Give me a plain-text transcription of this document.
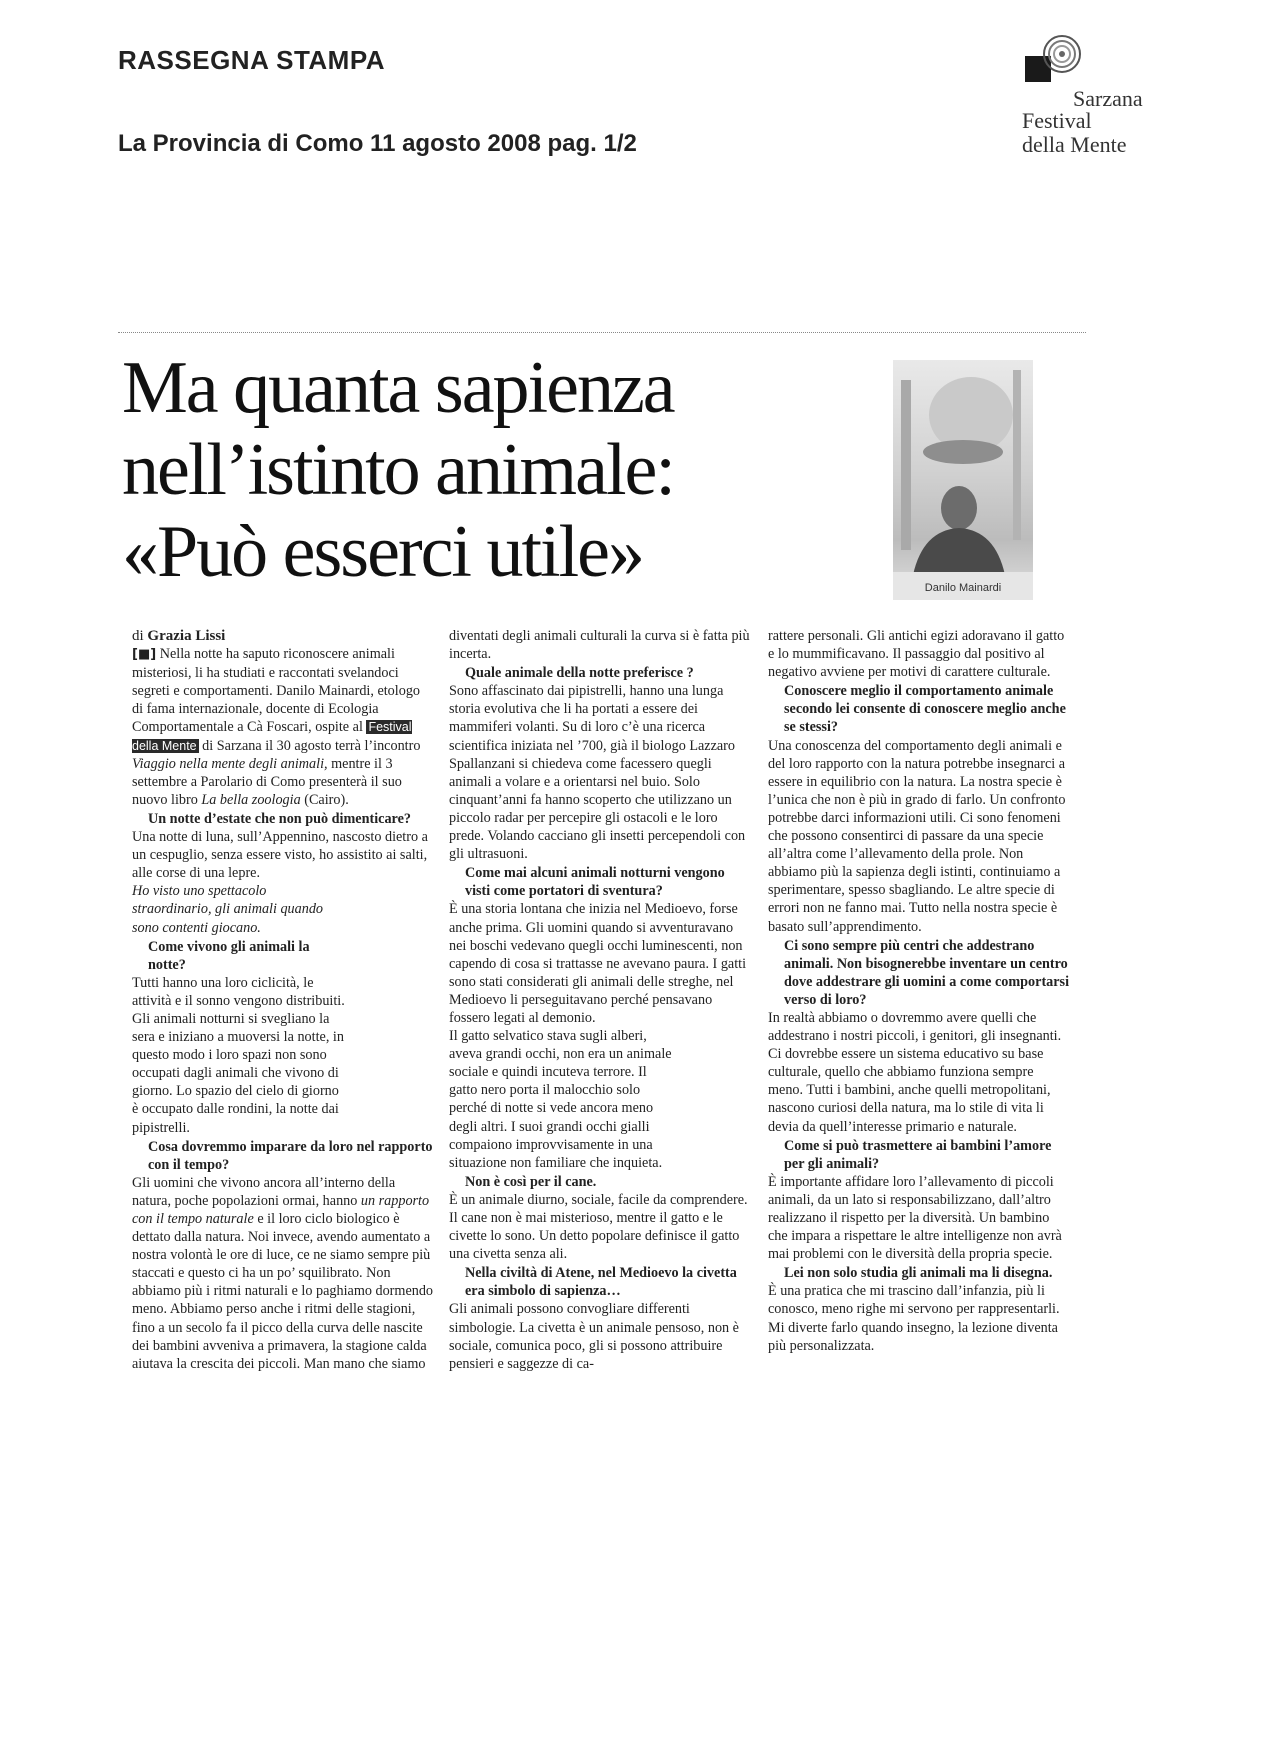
RASSEGNA STAMPA
La Provincia di Como 11 agosto 2008 pag. 1/2
Sarzana
Festival
della Mente
Ma quanta sapienza
nell’istinto animale:
«Può esserci utile»	Danilo Mainardi

di Grazia Lissi

[■] Nella notte ha saputo riconoscere animali misteriosi, li ha studiati e raccontati svelandoci segreti e comportamenti. Danilo Mainardi, etologo di fama internazionale, docente di Ecologia Comportamentale a Cà Foscari, ospite al Festival della Mente di Sarzana il 30 agosto terrà l’incontro Viaggio nella mente degli animali, mentre il 3 settembre a Parolario di Como presenterà il suo nuovo libro La bella zoologia (Cairo).

Un notte d’estate che non può dimenticare?

Una notte di luna, sull’Appennino, nascosto dietro a un cespuglio, senza essere visto, ho assistito ai salti, alle corse di una lepre.

Ho visto uno spettacolo straordinario, gli animali quando sono contenti giocano.

Come vivono gli animali la notte?

Tutti hanno una loro ciclicità, le attività e il sonno vengono distribuiti. Gli animali notturni si svegliano la sera e iniziano a muoversi la notte, in questo modo i loro spazi non sono occupati dagli animali che vivono di giorno. Lo spazio del cielo di giorno è occupato dalle rondini, la notte dai pipistrelli.

Cosa dovremmo imparare da loro nel rapporto con il tempo?

Gli uomini che vivono ancora all’interno della natura, poche popolazioni ormai, hanno un rapporto con il tempo naturale e il loro ciclo biologico è dettato dalla natura. Noi invece, avendo aumentato a nostra volontà le ore di luce, ce ne siamo sempre più staccati e questo ci ha un po’ squilibrato. Non abbiamo più i ritmi naturali e lo paghiamo dormendo meno. Abbiamo perso anche i ritmi delle stagioni, fino a un secolo fa il picco della curva delle nascite dei bambini avveniva a primavera, la stagione calda aiutava la crescita dei piccoli. Man mano che siamo

diventati degli animali culturali la curva si è fatta più incerta.

Quale animale della notte preferisce ?

Sono affascinato dai pipistrelli, hanno una lunga storia evolutiva che li ha portati a essere dei mammiferi volanti. Su di loro c’è una ricerca scientifica iniziata nel ’700, già il biologo Lazzaro Spallanzani si chiedeva come facessero quegli animali a volare e a orientarsi nel buio. Solo cinquant’anni fa hanno scoperto che utilizzano un piccolo radar per percepire gli ostacoli e le loro prede. Volando cacciano gli insetti percependoli con gli ultrasuoni.

Come mai alcuni animali notturni vengono visti come portatori di sventura?

È una storia lontana che inizia nel Medioevo, forse anche prima. Gli uomini quando si avventuravano nei boschi vedevano quegli occhi luminescenti, non capendo di cosa si trattasse ne avevano paura. I gatti sono stati considerati gli animali delle streghe, nel Medioevo li perseguitavano perché pensavano fossero legati al demonio.

Il gatto selvatico stava sugli alberi, aveva grandi occhi, non era un animale sociale e quindi incuteva terrore. Il gatto nero porta il malocchio solo perché di notte si vede ancora meno degli altri. I suoi grandi occhi gialli compaiono improvvisamente in una situazione non familiare che inquieta.

Non è così per il cane.

È un animale diurno, sociale, facile da comprendere. Il cane non è mai misterioso, mentre il gatto e le civette lo sono. Un detto popolare definisce il gatto una civetta senza ali.

Nella civiltà di Atene, nel Medioevo la civetta era simbolo di sapienza…

Gli animali possono convogliare differenti simbologie. La civetta è un animale pensoso, non è sociale, comunica poco, gli si possono attribuire pensieri e saggezze di ca-

rattere personali. Gli antichi egizi adoravano il gatto e lo mummificavano. Il passaggio dal positivo al negativo avviene per motivi di carattere culturale.

Conoscere meglio il comportamento animale secondo lei consente di conoscere meglio anche se stessi?

Una conoscenza del comportamento degli animali e del loro rapporto con la natura potrebbe insegnarci a essere in equilibrio con la natura. La nostra specie è l’unica che non è più in grado di farlo. Un confronto potrebbe darci informazioni utili. Ci sono fenomeni che possono consentirci di passare da una specie all’altra come l’allevamento della prole. Non abbiamo più la sapienza degli istinti, continuiamo a sperimentare, spesso sbagliando. Le altre specie di errori non ne fanno mai. Tutto nella nostra specie è basato sull’apprendimento.

Ci sono sempre più centri che addestrano animali. Non bisognerebbe inventare un centro dove addestrare gli uomini a come comportarsi verso di loro?

In realtà abbiamo o dovremmo avere quelli che addestrano i nostri piccoli, i genitori, gli insegnanti. Ci dovrebbe essere un sistema educativo su base culturale, quello che abbiamo funziona sempre meno. Tutti i bambini, anche quelli metropolitani, nascono curiosi della natura, ma lo stile di vita li devia da quell’interesse primario e naturale.

Come si può trasmettere ai bambini l’amore per gli animali?

È importante affidare loro l’allevamento di piccoli animali, da un lato si responsabilizzano, dall’altro realizzano il rispetto per la diversità. Un bambino che impara a rispettare le altre intelligenze non avrà mai problemi con le diversità della propria specie.

Lei non solo studia gli animali ma li disegna.

È una pratica che mi trascino dall’infanzia, più li conosco, meno righe mi servono per rappresentarli. Mi diverte farlo quando insegno, la lezione diventa più personalizzata.
